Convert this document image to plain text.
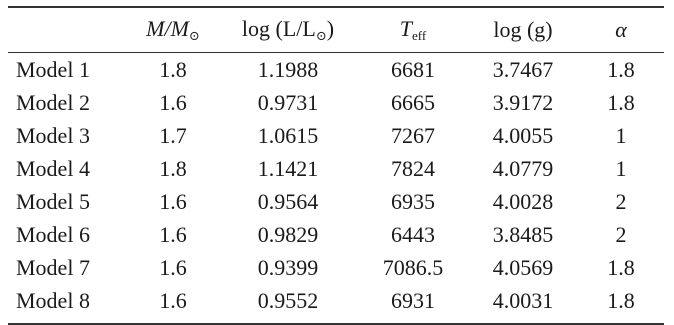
	$M/M_⊙$	$\log (L/L_⊙)$	$T_{eff}$	log (g)	α
Model 1	1.8	1.1988	6681	3.7467	1.8
Model 2	1.6	0.9731	6665	3.9172	1.8
Model 3	1.7	1.0615	7267	4.0055	1
Model 4	1.8	1.1421	7824	4.0779	1
Model 5	1.6	0.9564	6935	4.0028	2
Model 6	1.6	0.9829	6443	3.8485	2
Model 7	1.6	0.9399	7086.5	4.0569	1.8
Model 8	1.6	0.9552	6931	4.0031	1.8
